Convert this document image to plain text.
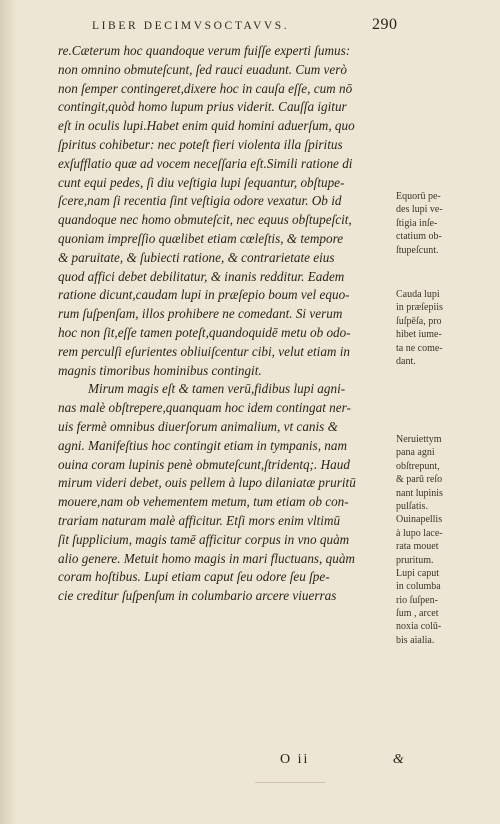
LIBER DECIMVSOCTAVVS.	290
re.Cæterum hoc quandoque verum fuiſſe experti ſumus:
non omnino obmuteſcunt, ſed rauci euadunt. Cum verò
non ſemper contingeret,dixere hoc in cauſa eſſe, cum nō
contingit,quòd homo lupum prius viderit. Cauſſa igitur
eſt in oculis lupi.Habet enim quid homini aduerſum, quo
ſpiritus cohibetur: nec poteſt fieri violenta illa ſpiritus
exſufflatio quæ ad vocem neceſſaria eſt.Simili ratione di
cunt equi pedes, ſi diu veſtigia lupi ſequantur, obſtupe-
ſcere,nam ſi recentia ſint veſtigia odore vexatur. Ob id
quandoque nec homo obmuteſcit, nec equus obſtupeſcit,
quoniam impreſſio quælibet etiam cœleſtis, & tempore
& paruitate, & ſubiecti ratione, & contrarietate eius
quod affici debet debilitatur, & inanis redditur. Eadem
ratione dicunt,caudam lupi in præſepio boum vel equo-
rum ſuſpenſam, illos prohibere ne comedant. Si verum
hoc non ſit,eſſe tamen poteſt,quandoquidē metu ob odo-
rem perculſi eſurientes obliuiſcentur cibi, velut etiam in
magnis timoribus hominibus contingit.
Mirum magis eſt & tamen verū,fidibus lupi agni-
nas malè obſtrepere,quanquam hoc idem contingat ner-
uis fermè omnibus diuerſorum animalium, vt canis &
agni. Manifeſtius hoc contingit etiam in tympanis, nam
ouina coram lupinis penè obmuteſcunt,ſtridentq;. Haud
mirum videri debet, ouis pellem à lupo dilaniatæ pruritū
mouere,nam ob vehementem metum, tum etiam ob con-
trariam naturam malè afficitur. Etſi mors enim vltimū
ſit ſupplicium, magis tamē afficitur corpus in vno quàm
alio genere. Metuit homo magis in mari fluctuans, quàm
coram hoſtibus. Lupi etiam caput ſeu odore ſeu ſpe-
cie creditur ſuſpenſum in columbario arcere viuerras
O ii	&
Equorū pe-
des lupi ve-
ſtigia inſe-
ctatium ob-
ſtupeſcunt.
Cauda lupi
in præſepiis
ſuſpēſa, pro
hibet iume-
ta ne come-
dant.
Neruiettym
pana agni
obſtrepunt,
& parū reſo
nant lupinis
pulſatis.
Ouinapellis
à lupo lace-
rata mouet
pruritum.
Lupi caput
in columba
rio ſuſpen-
ſum , arcet
noxia colū-
bis aialia.
